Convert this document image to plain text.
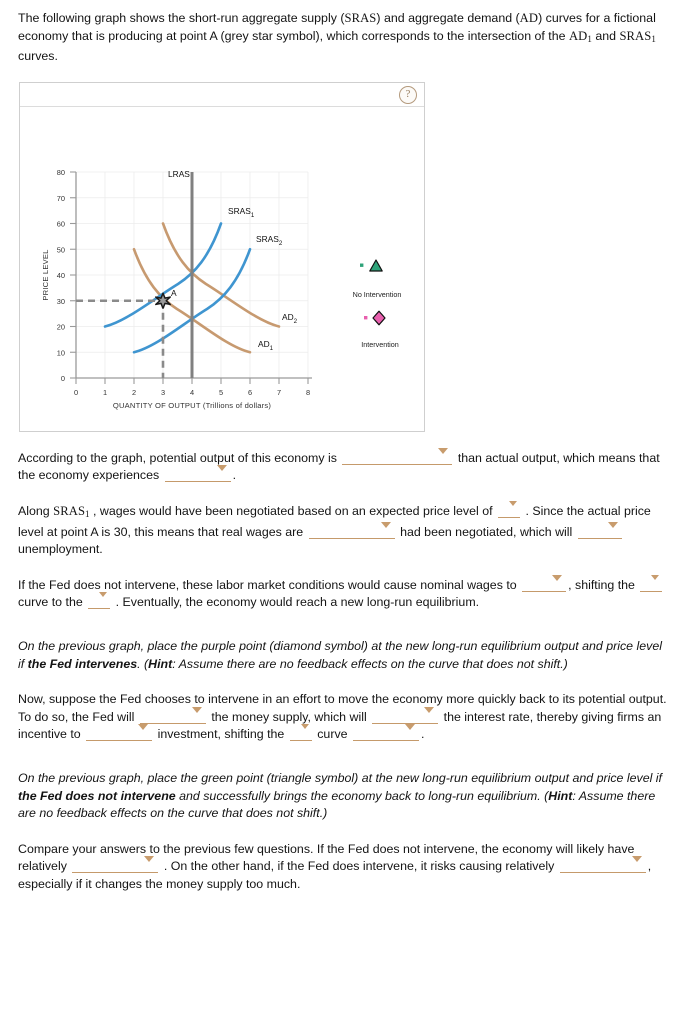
The following graph shows the short-run aggregate supply (SRAS) and aggregate demand (AD) curves for a fictional economy that is producing at point A (grey star symbol), which corresponds to the intersection of the $AD_1$ and $SRAS_1$ curves.

?
0
10
20
30
40
50
60
70
80
0	1	2	3	4	5	6	7	8
QUANTITY OF OUTPUT (Trillions of dollars)
PRICE LEVEL	A
$SRAS_1$
$SRAS_2$
$AD_1$
$AD_2$
LRAS
No Intervention
Intervention

According to the graph, potential output of this economy is	than actual output, which means that the economy experiences	.

Along $SRAS_1$ , wages would have been negotiated based on an expected price level of	. Since the actual price level at point A is 30, this means that real wages are	had been negotiated, which will  unemployment.

If the Fed does not intervene, these labor market conditions would cause nominal wages to	, shifting the  curve to the	. Eventually, the economy would reach a new long-run equilibrium.

On the previous graph, place the purple point (diamond symbol) at the new long-run equilibrium output and price level if the Fed intervenes. (Hint: Assume there are no feedback effects on the curve that does not shift.)

Now, suppose the Fed chooses to intervene in an effort to move the economy more quickly back to its potential output. To do so, the Fed will	the money supply, which will	the interest rate, thereby giving firms an incentive to	investment, shifting the	curve	.

On the previous graph, place the green point (triangle symbol) at the new long-run equilibrium output and price level if the Fed does not intervene and successfully brings the economy back to long-run equilibrium. (Hint: Assume there are no feedback effects on the curve that does not shift.)

Compare your answers to the previous few questions. If the Fed does not intervene, the economy will likely have relatively	. On the other hand, if the Fed does intervene, it risks causing relatively	, especially if it changes the money supply too much.
